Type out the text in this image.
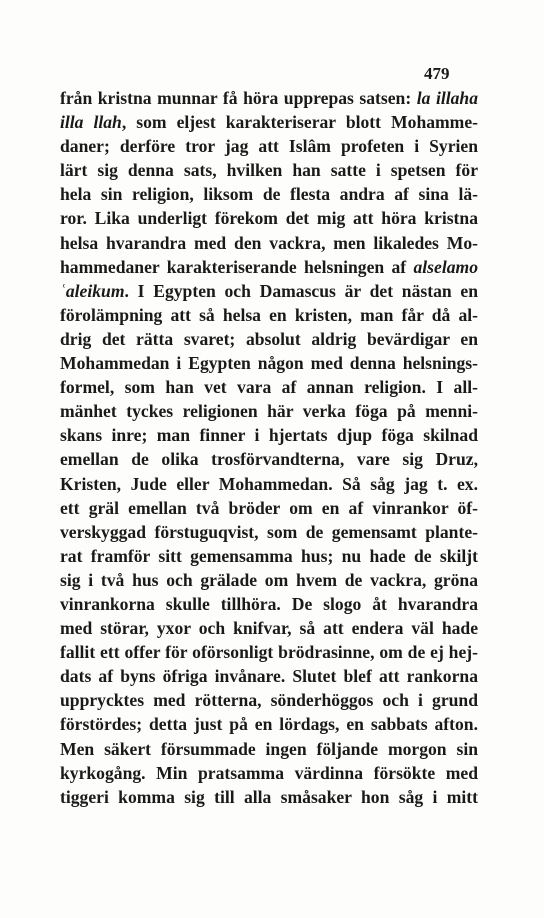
479
från kristna munnar få höra upprepas satsen: la illaha
illa llah, som eljest karakteriserar blott Mohamme-
daner; derföre tror jag att Islâm profeten i Syrien
lärt sig denna sats, hvilken han satte i spetsen för
hela sin religion, liksom de flesta andra af sina lä-
ror. Lika underligt förekom det mig att höra kristna
helsa hvarandra med den vackra, men likaledes Mo-
hammedaner karakteriserande helsningen af alselamo
ʿaleikum. I Egypten och Damascus är det nästan en
förolämpning att så helsa en kristen, man får då al-
drig det rätta svaret; absolut aldrig bevärdigar en
Mohammedan i Egypten någon med denna helsnings-
formel, som han vet vara af annan religion. I all-
mänhet tyckes religionen här verka föga på menni-
skans inre; man finner i hjertats djup föga skilnad
emellan de olika trosförvandterna, vare sig Druz,
Kristen, Jude eller Mohammedan. Så såg jag t. ex.
ett gräl emellan två bröder om en af vinrankor öf-
verskyggad förstuguqvist, som de gemensamt plante-
rat framför sitt gemensamma hus; nu hade de skiljt
sig i två hus och grälade om hvem de vackra, gröna
vinrankorna skulle tillhöra. De slogo åt hvarandra
med störar, yxor och knifvar, så att endera väl hade
fallit ett offer för oförsonligt brödrasinne, om de ej hej-
dats af byns öfriga invånare. Slutet blef att rankorna
upprycktes med rötterna, sönderhöggos och i grund
förstördes; detta just på en lördags, en sabbats afton.
Men säkert försummade ingen följande morgon sin
kyrkogång. Min pratsamma värdinna försökte med
tiggeri komma sig till alla småsaker hon såg i mitt
